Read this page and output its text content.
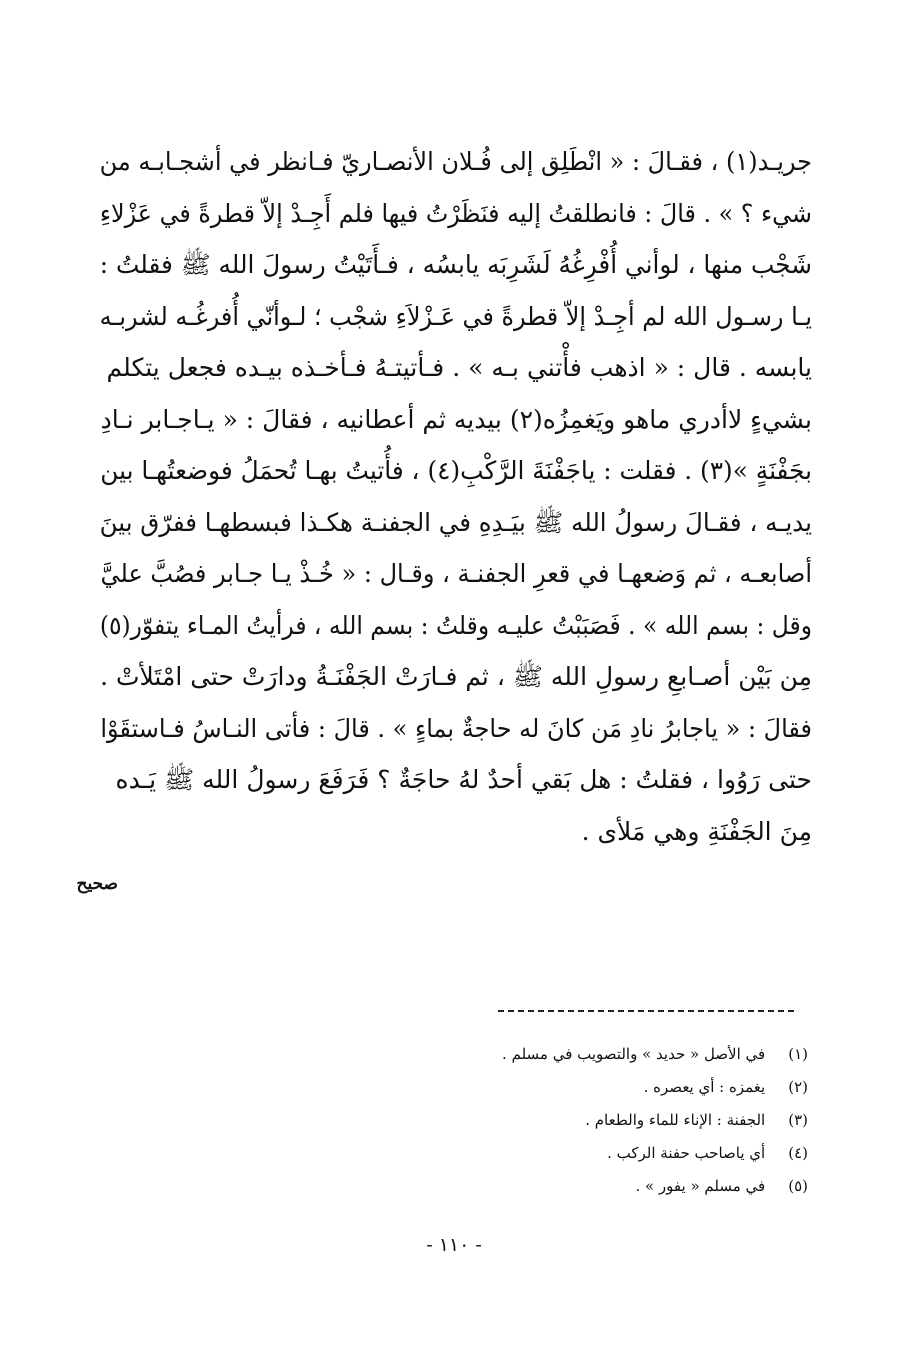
جريـد(١) ، فقـالَ : « انْطَلِق إلى فُـلان الأنصـاريّ فـانظر في أشجـابـه من
شيء ؟ » . قالَ : فانطلقتُ إليه فنَظَرْتُ فيها فلم أَجِـدْ إلاّ قطرةً في عَزْلاءِ
شَجْب منها ، لوأني أُفْرِغُهُ لَشَرِبَه يابسُه ، فـأَتَيْتُ رسولَ الله ﷺ فقلتُ :
يـا رسـول الله لم أجِـدْ إلاّ قطرةً في عَـزْلاَءِ شجْب ؛ لـوأنّي أُفرغُـه لشربـه
يابسه . قال : « اذهب فأْتني بـه » . فـأتيتـهُ فـأخـذه بيـده فجعل يتكلم
بشيءٍ لاأدري ماهو ويَغمِزُه(٢) بيديه ثم أعطانيه ، فقالَ : « يـاجـابر نـادِ
بجَفْنَةٍ »(٣) . فقلت : ياجَفْنَةَ الرَّكْبِ(٤) ، فأُتيتُ بهـا تُحمَلُ فوضعتُهـا بين
يديـه ، فقـالَ رسولُ الله ﷺ بيَـدِهِ في الجفنـة هكـذا فبسطهـا ففرّق بينَ
أصابعـه ، ثم وَضعهـا في قعرِ الجفنـة ، وقـال : « خُـذْ يـا جـابر فصُبَّ عليَّ
وقل : بسم الله » . فَصَبَبْتُ عليـه وقلتُ : بسم الله ، فرأيتُ المـاء يتفوّر(٥)
مِن بَيْن أصـابعِ رسولِ الله ﷺ ، ثم فـارَتْ الجَفْنَـةُ ودارَتْ حتى امْتَلأتْ .
فقالَ : « ياجابرُ نادِ مَن كانَ له حاجةٌ بماءٍ » . قالَ : فأتى النـاسُ فـاستقَوْا
حتى رَوُوا ، فقلتُ : هل بَقي أحدٌ لهُ حاجَةٌ ؟ فَرَفَعَ رسولُ الله ﷺ يَـده
مِنَ الجَفْنَةِ وهي مَلأى .
صحيح
(١) في الأصل « حديد » والتصويب في مسلم .
(٢) يغمزه : أي يعصره .
(٣) الجفنة : الإناء للماء والطعام .
(٤) أي ياصاحب حفنة الركب .
(٥) في مسلم « يفور » .
- ١١٠ -
